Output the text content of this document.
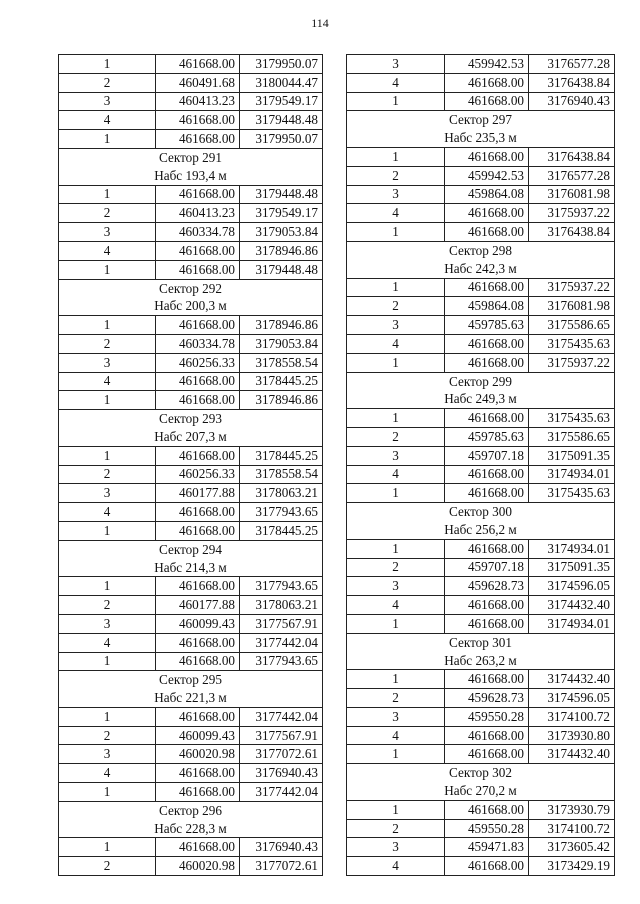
114
1	461668.00	3179950.07
2	460491.68	3180044.47
3	460413.23	3179549.17
4	461668.00	3179448.48
1	461668.00	3179950.07

Сектор 291
Набс 193,4 м		

1	461668.00	3179448.48
2	460413.23	3179549.17
3	460334.78	3179053.84
4	461668.00	3178946.86
1	461668.00	3179448.48

Сектор 292
Набс 200,3 м		

1	461668.00	3178946.86
2	460334.78	3179053.84
3	460256.33	3178558.54
4	461668.00	3178445.25
1	461668.00	3178946.86

Сектор 293
Набс 207,3 м		

1	461668.00	3178445.25
2	460256.33	3178558.54
3	460177.88	3178063.21
4	461668.00	3177943.65
1	461668.00	3178445.25

Сектор 294
Набс 214,3 м		

1	461668.00	3177943.65
2	460177.88	3178063.21
3	460099.43	3177567.91
4	461668.00	3177442.04
1	461668.00	3177943.65

Сектор 295
Набс 221,3 м		

1	461668.00	3177442.04
2	460099.43	3177567.91
3	460020.98	3177072.61
4	461668.00	3176940.43
1	461668.00	3177442.04

Сектор 296
Набс 228,3 м		

1	461668.00	3176940.43
2	460020.98	3177072.61
3	459942.53	3176577.28
4	461668.00	3176438.84
1	461668.00	3176940.43

Сектор 297
Набс 235,3 м		

1	461668.00	3176438.84
2	459942.53	3176577.28
3	459864.08	3176081.98
4	461668.00	3175937.22
1	461668.00	3176438.84

Сектор 298
Набс 242,3 м		

1	461668.00	3175937.22
2	459864.08	3176081.98
3	459785.63	3175586.65
4	461668.00	3175435.63
1	461668.00	3175937.22

Сектор 299
Набс 249,3 м		

1	461668.00	3175435.63
2	459785.63	3175586.65
3	459707.18	3175091.35
4	461668.00	3174934.01
1	461668.00	3175435.63

Сектор 300
Набс 256,2 м		

1	461668.00	3174934.01
2	459707.18	3175091.35
3	459628.73	3174596.05
4	461668.00	3174432.40
1	461668.00	3174934.01

Сектор 301
Набс 263,2 м		

1	461668.00	3174432.40
2	459628.73	3174596.05
3	459550.28	3174100.72
4	461668.00	3173930.80
1	461668.00	3174432.40

Сектор 302
Набс 270,2 м		

1	461668.00	3173930.79
2	459550.28	3174100.72
3	459471.83	3173605.42
4	461668.00	3173429.19
